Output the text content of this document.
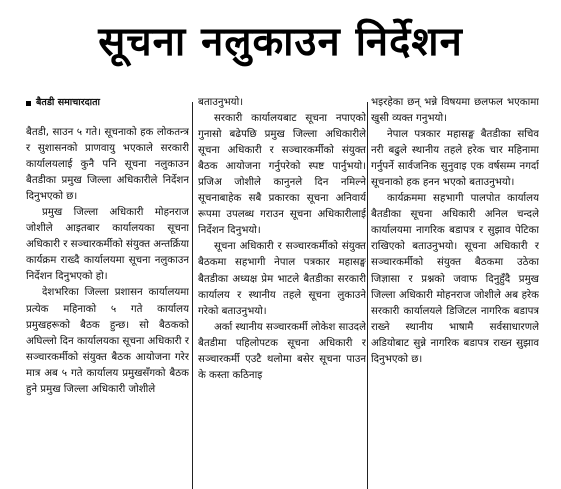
सूचना नलुकाउन निर्देशन
बैतडी समाचारदाता

बैतडी, साउन ५ गते। सूचनाको हक लोकतन्त्र र सुशासनको प्राणवायु भएकाले सरकारी कार्यालयलाई कुनै पनि सूचना नलुकाउन बैतडीका प्रमुख जिल्ला अधिकारीले निर्देशन दिनुभएको छ।

प्रमुख जिल्ला अधिकारी मोहनराज जोशीले आइतबार कार्यालयका सूचना अधिकारी र सञ्चारकर्मीको संयुक्त अन्तर्क्रिया कार्यक्रम राख्दै कार्यालयमा सूचना नलुकाउन निर्देशन दिनुभएको हो।

देशभरिका जिल्ला प्रशासन कार्यालयमा प्रत्येक महिनाको ५ गते कार्यालय प्रमुखहरूको बैठक हुन्छ। सो बैठकको अघिल्लो दिन कार्यालयका सूचना अधिकारी र सञ्चारकर्मीको संयुक्त बैठक आयोजना गरेर मात्र अब ५ गते कार्यालय प्रमुखसँगको बैठक हुने प्रमुख जिल्ला अधिकारी जोशीले

बताउनुभयो।

सरकारी कार्यालयबाट सूचना नपाएको गुनासो बढेपछि प्रमुख जिल्ला अधिकारीले सूचना अधिकारी र सञ्चारकर्मीको संयुक्त बैठक आयोजना गर्नुपरेको स्पष्ट पार्नुभयो। प्रजिअ जोशीले कानुनले दिन नमिल्ने सूचनाबाहेक सबै प्रकारका सूचना अनिवार्य रूपमा उपलब्ध गराउन सूचना अधिकारीलाई निर्देशन दिनुभयो।

सूचना अधिकारी र सञ्चारकर्मीको संयुक्त बैठकमा सहभागी नेपाल पत्रकार महासङ्घ बैतडीका अध्यक्ष प्रेम भाटले बैतडीका सरकारी कार्यालय र स्थानीय तहले सूचना लुकाउने गरेको बताउनुभयो।

अर्का स्थानीय सञ्चारकर्मी लोकेश साउदले बैतडीमा पहिलोपटक सूचना अधिकारी र सञ्चारकर्मी एउटै थलोमा बसेर सूचना पाउन के कस्ता कठिनाइ

भइरहेका छन् भन्ने विषयमा छलफल भएकामा खुसी व्यक्त गनुभयो।

नेपाल पत्रकार महासङ्घ बैतडीका सचिव नरी बढुले स्थानीय तहले हरेक चार महिनामा गर्नुपर्ने सार्वजनिक सुनुवाइ एक वर्षसम्म नगर्दा सूचनाको हक हनन भएको बताउनुभयो।

कार्यक्रममा सहभागी पालपोत कार्यालय बैतडीका सूचना अधिकारी अनिल चन्दले कार्यालयमा नागरिक बडापत्र र सुझाव पेटिका राखिएको बताउनुभयो। सूचना अधिकारी र सञ्चारकर्मीको संयुक्त बैठकमा उठेका जिज्ञासा र प्रश्नको जवाफ दिनुहुँदै प्रमुख जिल्ला अधिकारी मोहनराज जोशीले अब हरेक सरकारी कार्यालयले डिजिटल नागरिक बडापत्र राख्ने स्थानीय भाषामै सर्वसाधारणले अडियोबाट सुन्ने नागरिक बडापत्र राख्न सुझाव दिनुभएको छ।
